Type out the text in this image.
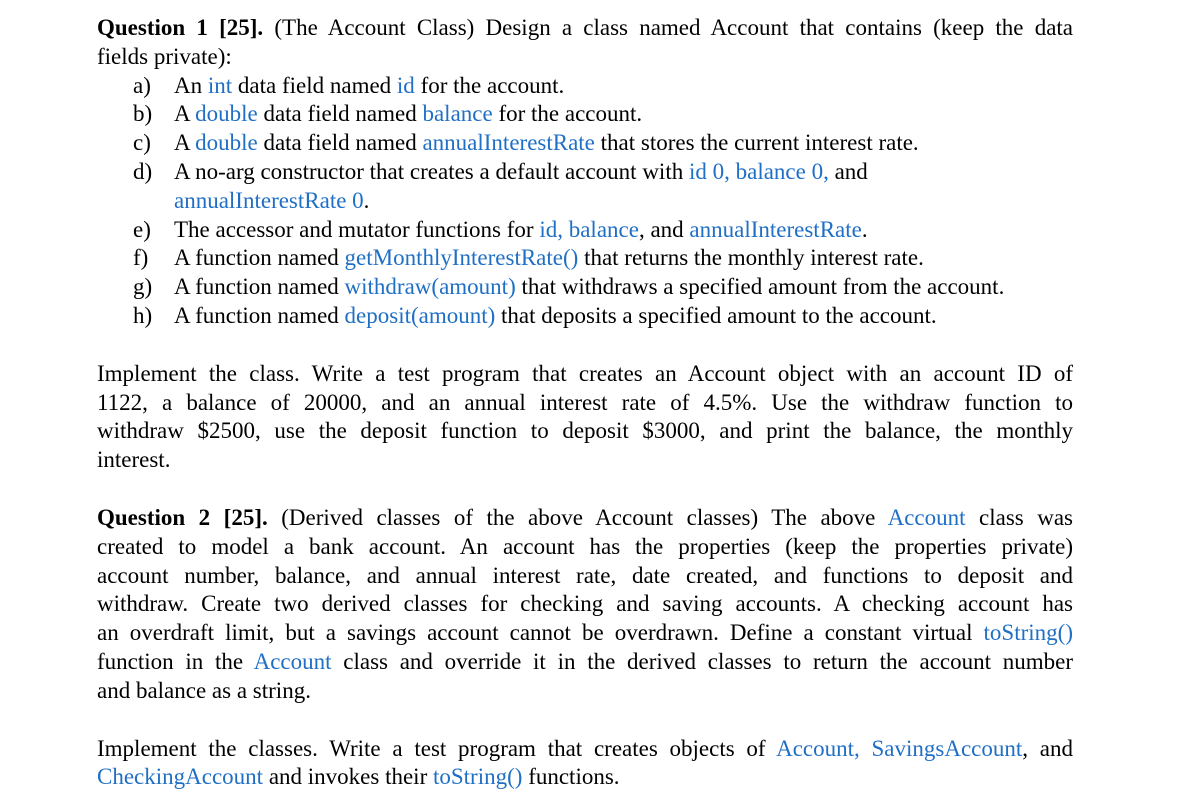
Question 1 [25]. (The Account Class) Design a class named Account that contains (keep the data
fields private):

a) An int data field named id for the account.
b) A double data field named balance for the account.
c) A double data field named annualInterestRate that stores the current interest rate.
d) A no-arg constructor that creates a default account with id 0, balance 0, and
annualInterestRate 0.
e) The accessor and mutator functions for id, balance, and annualInterestRate.
f) A function named getMonthlyInterestRate() that returns the monthly interest rate.
g) A function named withdraw(amount) that withdraws a specified amount from the account.
h) A function named deposit(amount) that deposits a specified amount to the account.

Implement the class. Write a test program that creates an Account object with an account ID of
1122, a balance of 20000, and an annual interest rate of 4.5%. Use the withdraw function to
withdraw $2500, use the deposit function to deposit $3000, and print the balance, the monthly
interest.

Question 2 [25]. (Derived classes of the above Account classes) The above Account class was
created to model a bank account. An account has the properties (keep the properties private)
account number, balance, and annual interest rate, date created, and functions to deposit and
withdraw. Create two derived classes for checking and saving accounts. A checking account has
an overdraft limit, but a savings account cannot be overdrawn. Define a constant virtual toString()
function in the Account class and override it in the derived classes to return the account number
and balance as a string.

Implement the classes. Write a test program that creates objects of Account, SavingsAccount, and
CheckingAccount and invokes their toString() functions.
